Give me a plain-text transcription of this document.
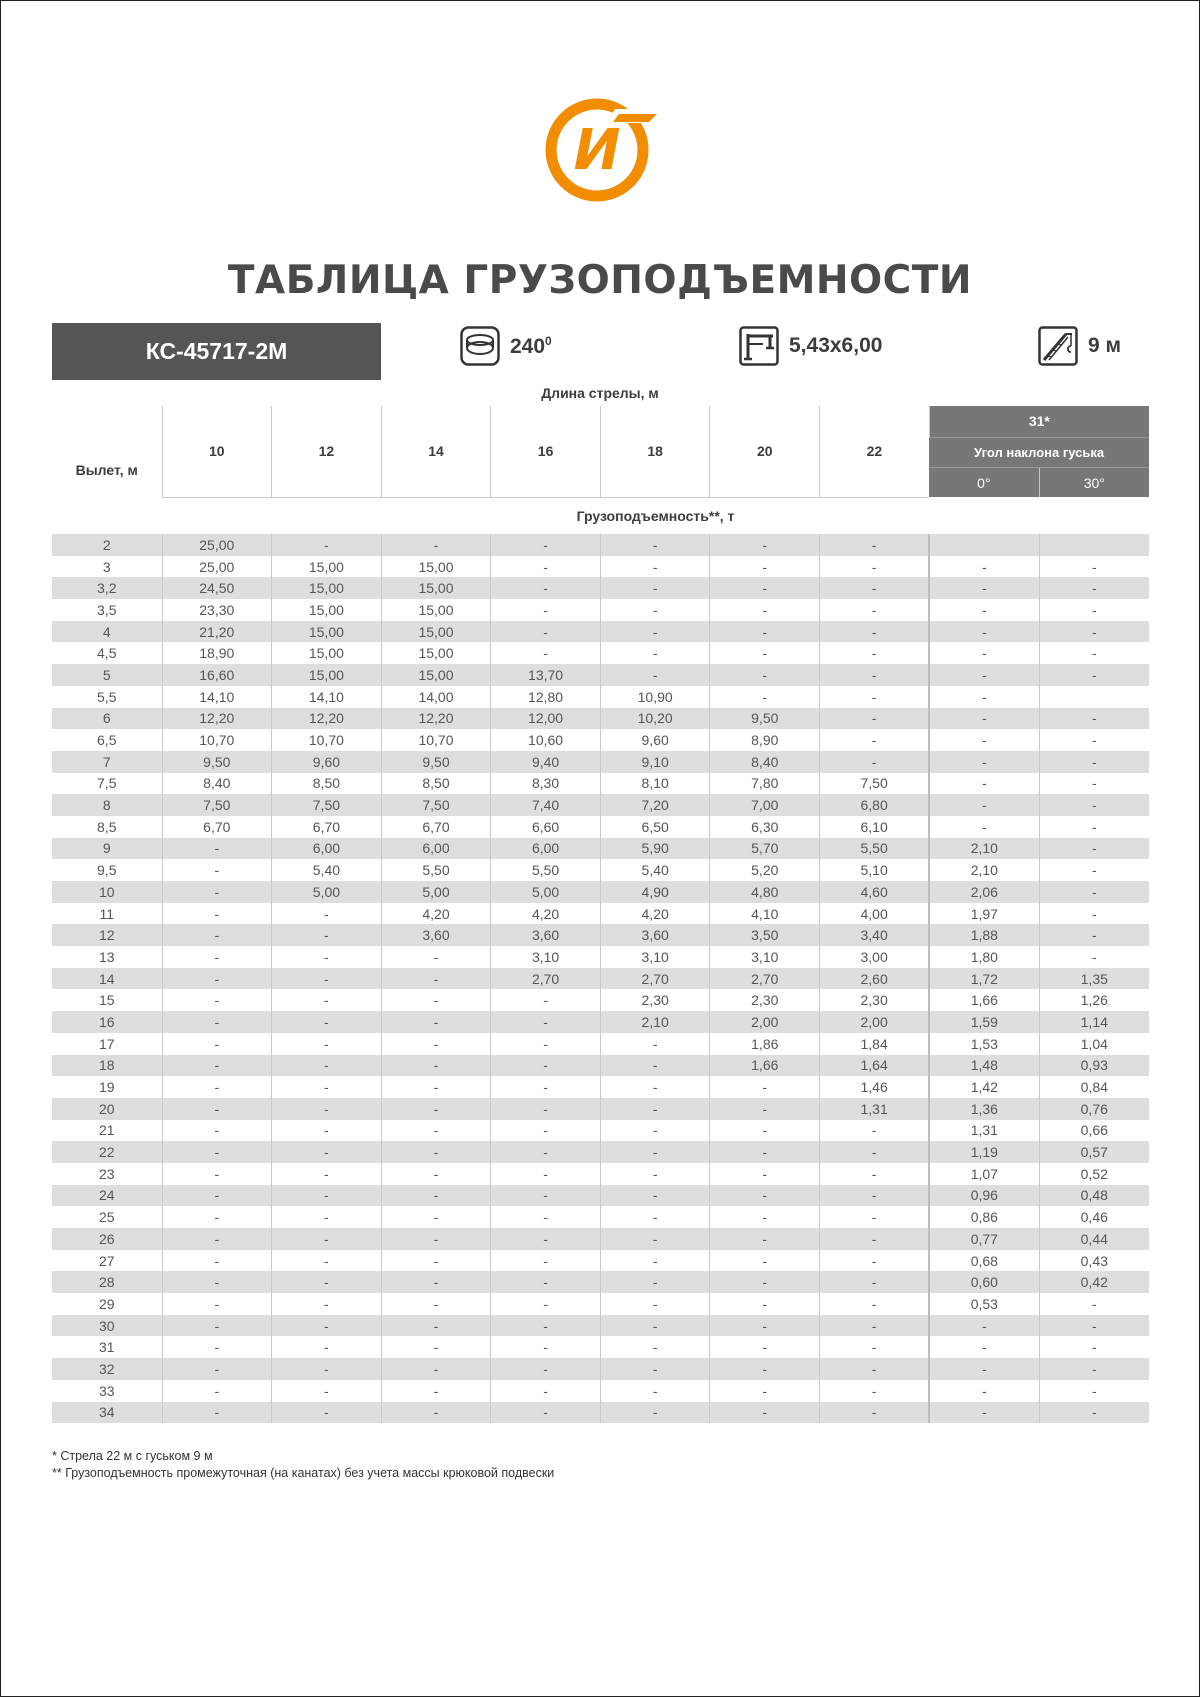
И
ТАБЛИЦА ГРУЗОПОДЪЕМНОСТИ
КС-45717-2М	$240^0$	5,43х6,00	9 м
Длина стрелы, м
Вылет, м	10	12	14	16	18	20	22	31*	
								Угол наклона гуська	
								0°	30°
	Грузоподъемность**, т								
2	25,00	-	-	-	-	-	-		
3	25,00	15,00	15,00	-	-	-	-	-	-
3,2	24,50	15,00	15,00	-	-	-	-	-	-
3,5	23,30	15,00	15,00	-	-	-	-	-	-
4	21,20	15,00	15,00	-	-	-	-	-	-
4,5	18,90	15,00	15,00	-	-	-	-	-	-
5	16,60	15,00	15,00	13,70	-	-	-	-	-
5,5	14,10	14,10	14,00	12,80	10,90	-	-	-	
6	12,20	12,20	12,20	12,00	10,20	9,50	-	-	-
6,5	10,70	10,70	10,70	10,60	9,60	8,90	-	-	-
7	9,50	9,60	9,50	9,40	9,10	8,40	-	-	-
7,5	8,40	8,50	8,50	8,30	8,10	7,80	7,50	-	-
8	7,50	7,50	7,50	7,40	7,20	7,00	6,80	-	-
8,5	6,70	6,70	6,70	6,60	6,50	6,30	6,10	-	-
9	-	6,00	6,00	6,00	5,90	5,70	5,50	2,10	-
9,5	-	5,40	5,50	5,50	5,40	5,20	5,10	2,10	-
10	-	5,00	5,00	5,00	4,90	4,80	4,60	2,06	-
11	-	-	4,20	4,20	4,20	4,10	4,00	1,97	-
12	-	-	3,60	3,60	3,60	3,50	3,40	1,88	-
13	-	-	-	3,10	3,10	3,10	3,00	1,80	-
14	-	-	-	2,70	2,70	2,70	2,60	1,72	1,35
15	-	-	-	-	2,30	2,30	2,30	1,66	1,26
16	-	-	-	-	2,10	2,00	2,00	1,59	1,14
17	-	-	-	-	-	1,86	1,84	1,53	1,04
18	-	-	-	-	-	1,66	1,64	1,48	0,93
19	-	-	-	-	-	-	1,46	1,42	0,84
20	-	-	-	-	-	-	1,31	1,36	0,76
21	-	-	-	-	-	-	-	1,31	0,66
22	-	-	-	-	-	-	-	1,19	0,57
23	-	-	-	-	-	-	-	1,07	0,52
24	-	-	-	-	-	-	-	0,96	0,48
25	-	-	-	-	-	-	-	0,86	0,46
26	-	-	-	-	-	-	-	0,77	0,44
27	-	-	-	-	-	-	-	0,68	0,43
28	-	-	-	-	-	-	-	0,60	0,42
29	-	-	-	-	-	-	-	0,53	-
30	-	-	-	-	-	-	-	-	-
31	-	-	-	-	-	-	-	-	-
32	-	-	-	-	-	-	-	-	-
33	-	-	-	-	-	-	-	-	-
34	-	-	-	-	-	-	-	-	-
* Стрела 22 м с гуськом 9 м
** Грузоподъемность промежуточная (на канатах) без учета массы крюковой подвески
